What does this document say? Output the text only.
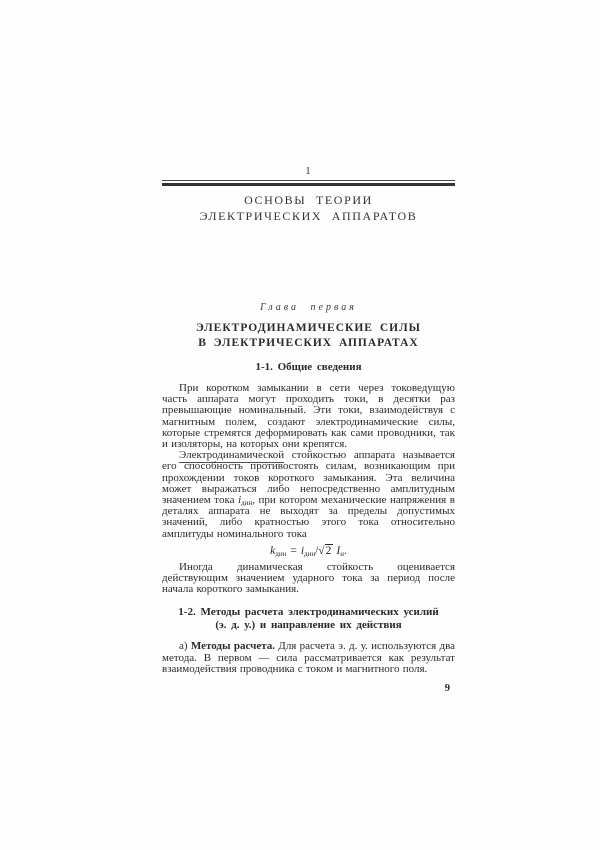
1
ОСНОВЫ ТЕОРИИ
ЭЛЕКТРИЧЕСКИХ АППАРАТОВ
Глава первая
ЭЛЕКТРОДИНАМИЧЕСКИЕ СИЛЫ
В ЭЛЕКТРИЧЕСКИХ АППАРАТАХ
1-1. Общие сведения

При коротком замыкании в сети через токоведущую часть аппарата могут проходить токи, в десятки раз превышающие номинальный. Эти токи, взаимодействуя с магнитным полем, создают электродинамические силы, которые стремятся деформировать как сами проводники, так и изоляторы, на которых они крепятся.

Электродинамической стойкостью аппарата называется его способность противостоять силам, возникающим при прохождении токов короткого замыкания. Эта величина может выражаться либо непосредственно амплитудным значением тока $i_{дин}$, при котором механические напряжения в деталях аппарата не выходят за пределы допустимых значений, либо кратностью этого тока относительно амплитуды номинального тока

$k_{дин} = i_{дин}/√2$ $I_н$.

Иногда динамическая стойкость оценивается действующим значением ударного тока за период после начала короткого замыкания.

1-2. Методы расчета электродинамических усилий
(э. д. у.) и направление их действия

а) Методы расчета. Для расчета э. д. у. используются два метода. В первом — сила рассматривается как результат взаимодействия проводника с током и магнитного поля.

9
